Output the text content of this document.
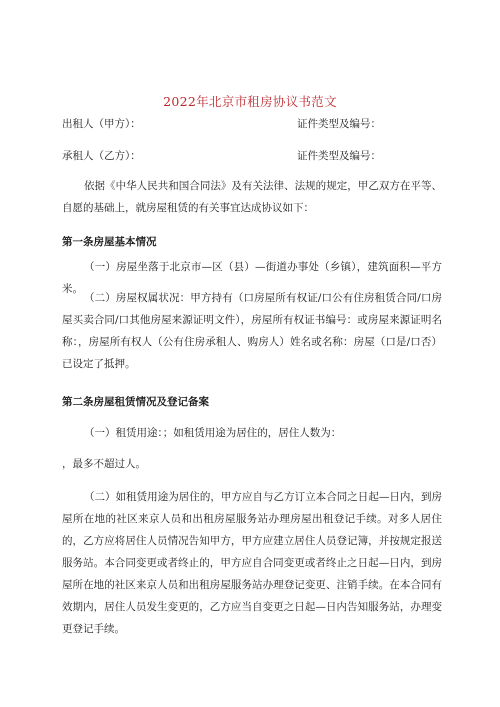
2022年北京市租房协议书范文
出租人（甲方）：	证件类型及编号：
承租人（乙方）：	证件类型及编号：

依据《中华人民共和国合同法》及有关法律、法规的规定，甲乙双方在平等、自愿的基础上，就房屋租赁的有关事宜达成协议如下：

第一条房屋基本情况

（一）房屋坐落于北京市—区（县）—街道办事处（乡镇），建筑面积—平方米。

（二）房屋权属状况：甲方持有（口房屋所有权证/口公有住房租赁合同/口房屋买卖合同/口其他房屋来源证明文件），房屋所有权证书编号：或房屋来源证明名称：，房屋所有权人（公有住房承租人、购房人）姓名或名称：房屋（口是/口否）已设定了抵押。

第二条房屋租赁情况及登记备案

（一）租赁用途：；如租赁用途为居住的，居住人数为：

，最多不超过人。

（二）如租赁用途为居住的，甲方应自与乙方订立本合同之日起—日内，到房屋所在地的社区来京人员和出租房屋服务站办理房屋出租登记手续。对多人居住的，乙方应将居住人员情况告知甲方，甲方应建立居住人员登记簿，并按规定报送服务站。本合同变更或者终止的，甲方应自合同变更或者终止之日起—日内，到房屋所在地的社区来京人员和出租房屋服务站办理登记变更、注销手续。在本合同有效期内，居住人员发生变更的，乙方应当自变更之日起—日内告知服务站，办理变更登记手续。
